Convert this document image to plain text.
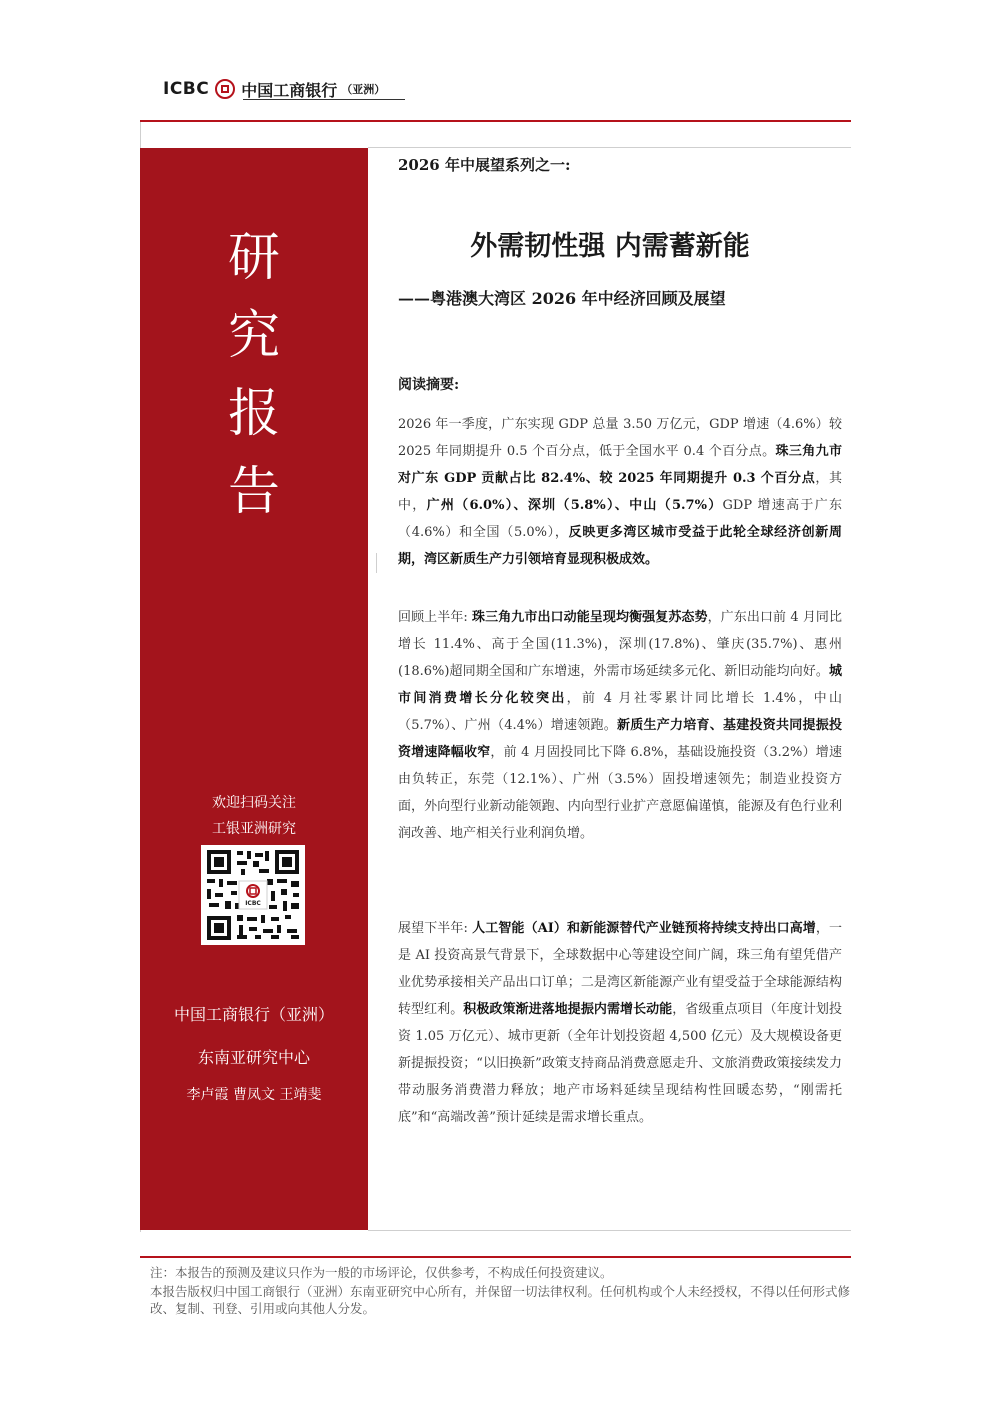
ICBC 中国工商银行 （亚洲）
研
究
报
告
欢迎扫码关注
工银亚洲研究
ICBC
中国工商银行（亚洲）
东南亚研究中心
李卢霞 曹凤文 王靖斐
2026 年中展望系列之一:
外需韧性强 内需蓄新能
——粤港澳大湾区 2026 年中经济回顾及展望
阅读摘要:
2026 年一季度，广东实现 GDP 总量 3.50 万亿元，GDP 增速（4.6%）较 2025 年同期提升 0.5 个百分点，低于全国水平 0.4 个百分点。珠三角九市对广东 GDP 贡献占比 82.4%、较 2025 年同期提升 0.3 个百分点，其中，广州（6.0%）、深圳（5.8%）、中山（5.7%）GDP 增速高于广东（4.6%）和全国（5.0%），反映更多湾区城市受益于此轮全球经济创新周期，湾区新质生产力引领培育显现积极成效。
回顾上半年: 珠三角九市出口动能呈现均衡强复苏态势，广东出口前 4 月同比增长 11.4%、高于全国(11.3%)，深圳(17.8%)、肇庆(35.7%)、惠州(18.6%)超同期全国和广东增速，外需市场延续多元化、新旧动能均向好。城市间消费增长分化较突出，前 4 月社零累计同比增长 1.4%，中山（5.7%）、广州（4.4%）增速领跑。新质生产力培育、基建投资共同提振投资增速降幅收窄，前 4 月固投同比下降 6.8%，基础设施投资（3.2%）增速由负转正，东莞（12.1%）、广州（3.5%）固投增速领先；制造业投资方面，外向型行业新动能领跑、内向型行业扩产意愿偏谨慎，能源及有色行业利润改善、地产相关行业利润负增。
展望下半年: 人工智能（AI）和新能源替代产业链预将持续支持出口高增，一是 AI 投资高景气背景下，全球数据中心等建设空间广阔，珠三角有望凭借产业优势承接相关产品出口订单；二是湾区新能源产业有望受益于全球能源结构转型红利。积极政策渐进落地提振内需增长动能，省级重点项目（年度计划投资 1.05 万亿元）、城市更新（全年计划投资超 4,500 亿元）及大规模设备更新提振投资；“以旧换新”政策支持商品消费意愿走升、文旅消费政策接续发力带动服务消费潜力释放；地产市场料延续呈现结构性回暖态势，“刚需托底”和“高端改善”预计延续是需求增长重点。
注：本报告的预测及建议只作为一般的市场评论，仅供参考，不构成任何投资建议。
本报告版权归中国工商银行（亚洲）东南亚研究中心所有，并保留一切法律权利。任何机构或个人未经授权，不得以任何形式修改、复制、刊登、引用或向其他人分发。
